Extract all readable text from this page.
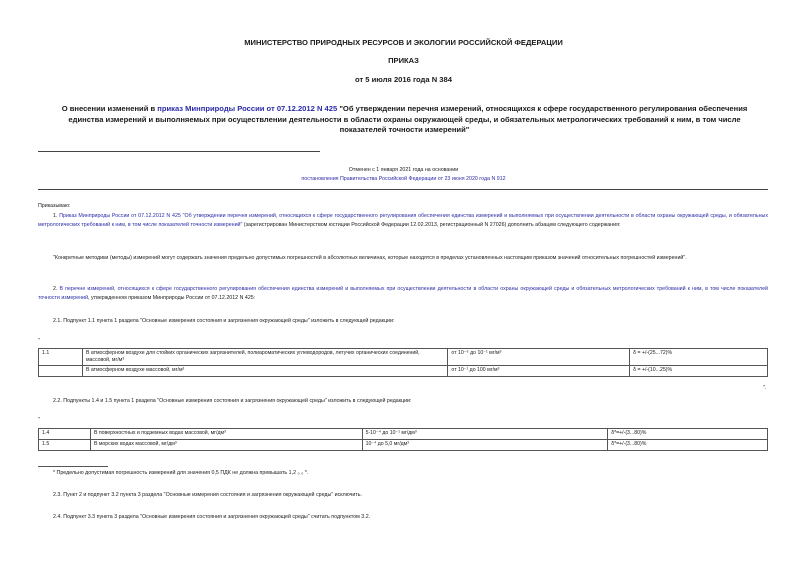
МИНИСТЕРСТВО ПРИРОДНЫХ РЕСУРСОВ И ЭКОЛОГИИ РОССИЙСКОЙ ФЕДЕРАЦИИ
ПРИКАЗ
от 5 июля 2016 года N 384
О внесении изменений в приказ Минприроды России от 07.12.2012 N 425 "Об утверждении перечня измерений, относящихся к сфере государственного регулирования обеспечения единства измерений и выполняемых при осуществлении деятельности в области охраны окружающей среды, и обязательных метрологических требований к ним, в том числе показателей точности измерений"
Отменен с 1 января 2021 года на основании
постановления Правительства Российской Федерации от 23 июня 2020 года N 912
Приказываю:
1. Приказ Минприроды России от 07.12.2012 N 425 "Об утверждении перечня измерений, относящихся к сфере государственного регулирования обеспечения единства измерений и выполняемых при осуществлении деятельности в области охраны окружающей среды, и обязательных метрологических требований к ним, в том числе показателей точности измерений" (зарегистрирован Министерством юстиции Российской Федерации 12.02.2013, регистрационный N 27026) дополнить абзацем следующего содержания:
"Конкретные методики (методы) измерений могут содержать значения предельно допустимых погрешностей в абсолютных величинах, которые находятся в пределах установленных настоящим приказом значений относительных погрешностей измерений".
2. В перечне измерений, относящихся к сфере государственного регулирования обеспечения единства измерений и выполняемых при осуществлении деятельности в области охраны окружающей среды и обязательных метрологических требований к ним, в том числе показателей точности измерений, утвержденном приказом Минприроды России от 07.12.2012 N 425:
2.1. Подпункт 1.1 пункта 1 раздела "Основные измерения состояния и загрязнения окружающей среды" изложить в следующей редакции:
"
1.1	В атмосферном воздухе для стойких органических загрязнителей, полиароматических углеводородов, летучих органических соединений, массовой, мг/м³	от 10⁻⁶ до 10⁻¹ мг/м³	δ = +/-(25...72)%
	В атмосферном воздухе массовой, мг/м³	от 10⁻¹ до 100 мг/м³	δ = +/-(10...25)%
".
2.2. Подпункты 1.4 и 1.5 пункта 1 раздела "Основные измерения состояния и загрязнения окружающей среды" изложить в следующей редакции:
"
1.4	В поверхностных и подземных водах массовой, мг/дм³	5·10⁻⁴ до 10⁻¹ мг/дм³	δ*=+/-(3...80)%
1.5	В морских водах массовой, мг/дм³	10⁻⁴ до 5,0 мг/дм³	δ*=+/-(3...80)%
* Предельно допустимая погрешность измерений для значения 0,5 ПДК не должна превышать 1,2 ₀ ₀ *.
2.3. Пункт 2 и подпункт 3.2 пункта 3 раздела "Основные измерения состояния и загрязнения окружающей среды" исключить.
2.4. Подпункт 3.3 пункта 3 раздела "Основные измерения состояния и загрязнения окружающей среды" считать подпунктом 3.2.
